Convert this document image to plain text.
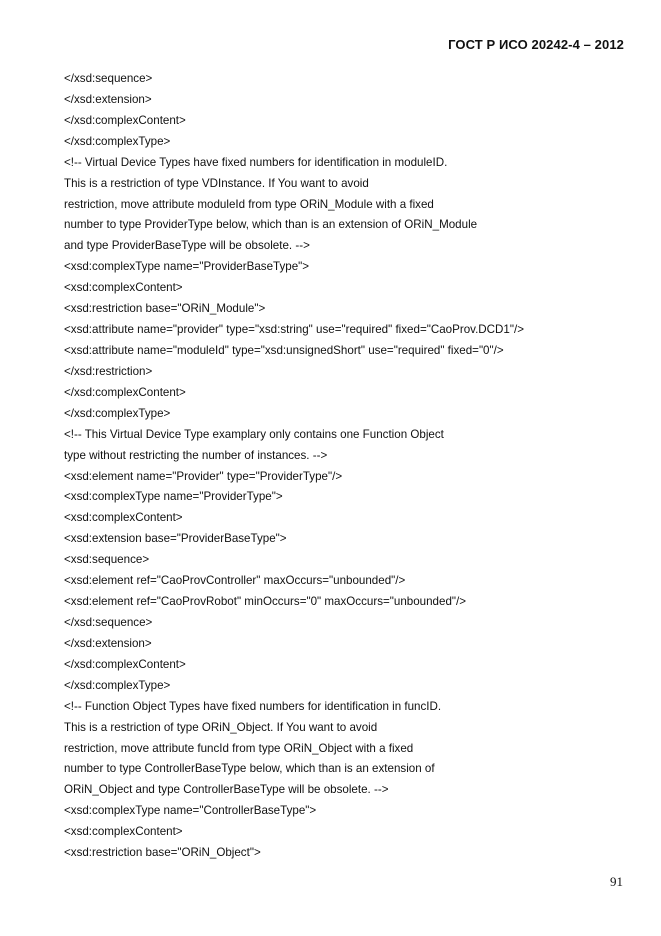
ГОСТ Р ИСО 20242-4 – 2012
</xsd:sequence>
</xsd:extension>
</xsd:complexContent>
</xsd:complexType>
<!-- Virtual Device Types have fixed numbers for identification in moduleID.
This is a restriction of type VDInstance. If You want to avoid
restriction, move attribute moduleId from type ORiN_Module with a fixed
number to type ProviderType below, which than is an extension of ORiN_Module
and type ProviderBaseType will be obsolete. -->
<xsd:complexType name="ProviderBaseType">
<xsd:complexContent>
<xsd:restriction base="ORiN_Module">
<xsd:attribute name="provider" type="xsd:string" use="required" fixed="CaoProv.DCD1"/>
<xsd:attribute name="moduleId" type="xsd:unsignedShort" use="required" fixed="0"/>
</xsd:restriction>
</xsd:complexContent>
</xsd:complexType>
<!-- This Virtual Device Type examplary only contains one Function Object
type without restricting the number of instances. -->
<xsd:element name="Provider" type="ProviderType"/>
<xsd:complexType name="ProviderType">
<xsd:complexContent>
<xsd:extension base="ProviderBaseType">
<xsd:sequence>
<xsd:element ref="CaoProvController" maxOccurs="unbounded"/>
<xsd:element ref="CaoProvRobot" minOccurs="0" maxOccurs="unbounded"/>
</xsd:sequence>
</xsd:extension>
</xsd:complexContent>
</xsd:complexType>
<!-- Function Object Types have fixed numbers for identification in funcID.
This is a restriction of type ORiN_Object. If You want to avoid
restriction, move attribute funcId from type ORiN_Object with a fixed
number to type ControllerBaseType below, which than is an extension of
ORiN_Object and type ControllerBaseType will be obsolete. -->
<xsd:complexType name="ControllerBaseType">
<xsd:complexContent>
<xsd:restriction base="ORiN_Object">
91
